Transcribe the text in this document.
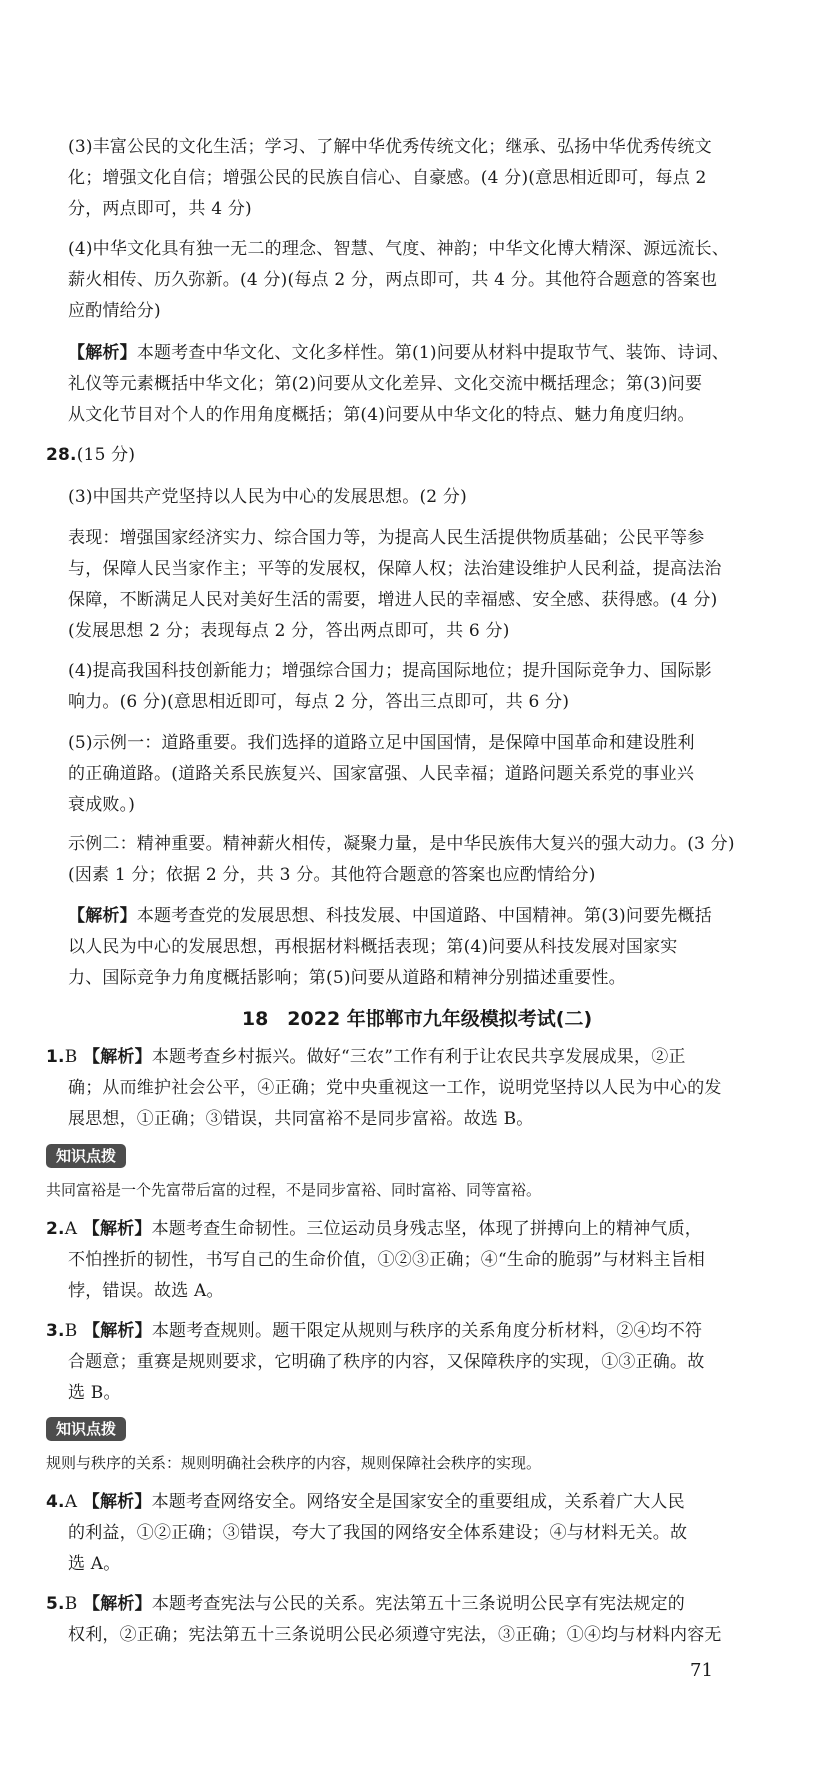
(3)丰富公民的文化生活；学习、了解中华优秀传统文化；继承、弘扬中华优秀传统文
化；增强文化自信；增强公民的民族自信心、自豪感。(4 分)(意思相近即可，每点 2
分，两点即可，共 4 分)
(4)中华文化具有独一无二的理念、智慧、气度、神韵；中华文化博大精深、源远流长、
薪火相传、历久弥新。(4 分)(每点 2 分，两点即可，共 4 分。其他符合题意的答案也
应酌情给分)
【解析】本题考查中华文化、文化多样性。第(1)问要从材料中提取节气、装饰、诗词、
礼仪等元素概括中华文化；第(2)问要从文化差异、文化交流中概括理念；第(3)问要
从文化节目对个人的作用角度概括；第(4)问要从中华文化的特点、魅力角度归纳。
28.(15 分)
(3)中国共产党坚持以人民为中心的发展思想。(2 分)
表现：增强国家经济实力、综合国力等，为提高人民生活提供物质基础；公民平等参
与，保障人民当家作主；平等的发展权，保障人权；法治建设维护人民利益，提高法治
保障，不断满足人民对美好生活的需要，增进人民的幸福感、安全感、获得感。(4 分)
(发展思想 2 分；表现每点 2 分，答出两点即可，共 6 分)
(4)提高我国科技创新能力；增强综合国力；提高国际地位；提升国际竞争力、国际影
响力。(6 分)(意思相近即可，每点 2 分，答出三点即可，共 6 分)
(5)示例一：道路重要。我们选择的道路立足中国国情，是保障中国革命和建设胜利
的正确道路。(道路关系民族复兴、国家富强、人民幸福；道路问题关系党的事业兴
衰成败。)
示例二：精神重要。精神薪火相传，凝聚力量，是中华民族伟大复兴的强大动力。(3 分)
(因素 1 分；依据 2 分，共 3 分。其他符合题意的答案也应酌情给分)
【解析】本题考查党的发展思想、科技发展、中国道路、中国精神。第(3)问要先概括
以人民为中心的发展思想，再根据材料概括表现；第(4)问要从科技发展对国家实
力、国际竞争力角度概括影响；第(5)问要从道路和精神分别描述重要性。
18　2022 年邯郸市九年级模拟考试(二)
1.B 【解析】本题考查乡村振兴。做好“三农”工作有利于让农民共享发展成果，②正
确；从而维护社会公平，④正确；党中央重视这一工作，说明党坚持以人民为中心的发
展思想，①正确；③错误，共同富裕不是同步富裕。故选 B。
知识点拨
共同富裕是一个先富带后富的过程，不是同步富裕、同时富裕、同等富裕。
2.A 【解析】本题考查生命韧性。三位运动员身残志坚，体现了拼搏向上的精神气质，
不怕挫折的韧性，书写自己的生命价值，①②③正确；④“生命的脆弱”与材料主旨相
悖，错误。故选 A。
3.B 【解析】本题考查规则。题干限定从规则与秩序的关系角度分析材料，②④均不符
合题意；重赛是规则要求，它明确了秩序的内容，又保障秩序的实现，①③正确。故
选 B。
知识点拨
规则与秩序的关系：规则明确社会秩序的内容，规则保障社会秩序的实现。
4.A 【解析】本题考查网络安全。网络安全是国家安全的重要组成，关系着广大人民
的利益，①②正确；③错误，夸大了我国的网络安全体系建设；④与材料无关。故
选 A。
5.B 【解析】本题考查宪法与公民的关系。宪法第五十三条说明公民享有宪法规定的
权利，②正确；宪法第五十三条说明公民必须遵守宪法，③正确；①④均与材料内容无
71
